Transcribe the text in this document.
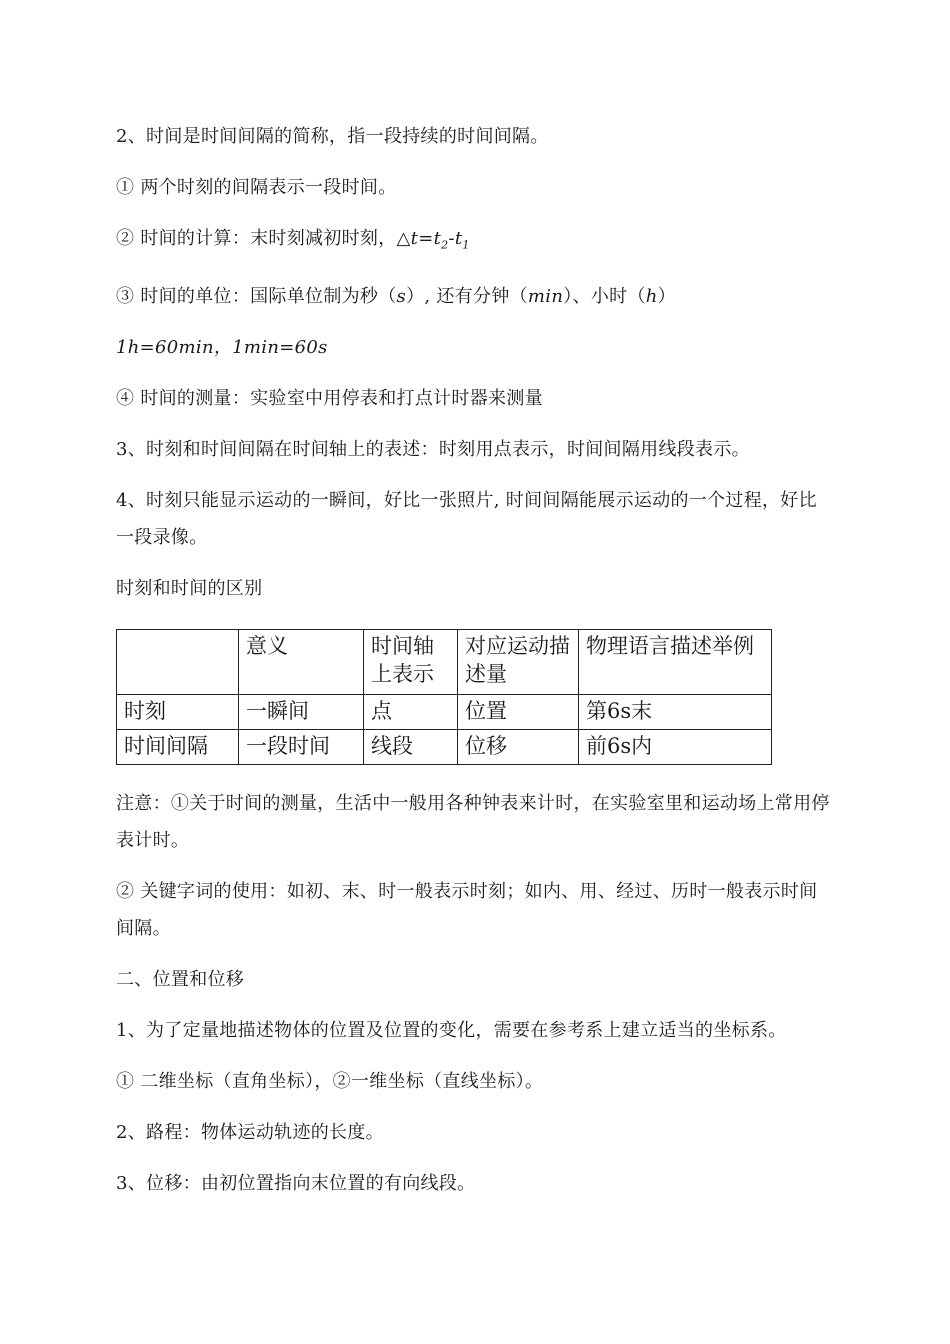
2、时间是时间间隔的简称，指一段持续的时间间隔。

① 两个时刻的间隔表示一段时间。

② 时间的计算：末时刻减初时刻，$\triangle t=t_2-t_1$

③ 时间的单位：国际单位制为秒（s）, 还有分钟（min）、小时（h）

1h=60min，1min=60s

④ 时间的测量：实验室中用停表和打点计时器来测量

3、时刻和时间间隔在时间轴上的表述：时刻用点表示，时间间隔用线段表示。

4、时刻只能显示运动的一瞬间，好比一张照片, 时间间隔能展示运动的一个过程，好比一段录像。

时刻和时间的区别

	意义	时间轴上表示	对应运动描述量	物理语言描述举例
时刻	一瞬间	点	位置	第6s末
时间间隔	一段时间	线段	位移	前6s内

注意：①关于时间的测量，生活中一般用各种钟表来计时，在实验室里和运动场上常用停表计时。

② 关键字词的使用：如初、末、时一般表示时刻；如内、用、经过、历时一般表示时间间隔。

二、位置和位移

1、为了定量地描述物体的位置及位置的变化，需要在参考系上建立适当的坐标系。

① 二维坐标（直角坐标），②一维坐标（直线坐标）。

2、路程：物体运动轨迹的长度。

3、位移：由初位置指向末位置的有向线段。
